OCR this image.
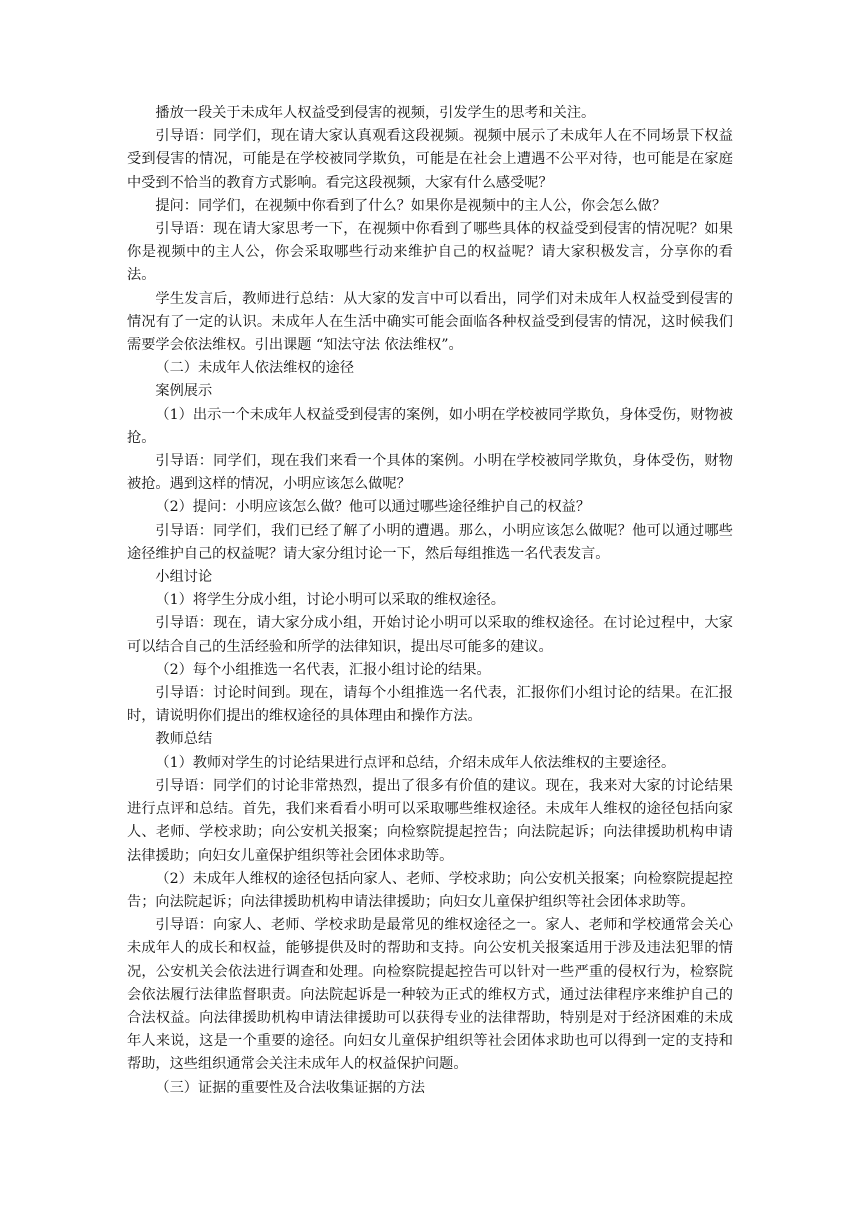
播放一段关于未成年人权益受到侵害的视频，引发学生的思考和关注。

引导语：同学们，现在请大家认真观看这段视频。视频中展示了未成年人在不同场景下权益受到侵害的情况，可能是在学校被同学欺负，可能是在社会上遭遇不公平对待，也可能是在家庭中受到不恰当的教育方式影响。看完这段视频，大家有什么感受呢？

提问：同学们，在视频中你看到了什么？如果你是视频中的主人公，你会怎么做？

引导语：现在请大家思考一下，在视频中你看到了哪些具体的权益受到侵害的情况呢？如果你是视频中的主人公，你会采取哪些行动来维护自己的权益呢？请大家积极发言，分享你的看法。

学生发言后，教师进行总结：从大家的发言中可以看出，同学们对未成年人权益受到侵害的情况有了一定的认识。未成年人在生活中确实可能会面临各种权益受到侵害的情况，这时候我们需要学会依法维权。引出课题 “知法守法 依法维权”。

（二）未成年人依法维权的途径

案例展示

（1）出示一个未成年人权益受到侵害的案例，如小明在学校被同学欺负，身体受伤，财物被抢。

引导语：同学们，现在我们来看一个具体的案例。小明在学校被同学欺负，身体受伤，财物被抢。遇到这样的情况，小明应该怎么做呢？

（2）提问：小明应该怎么做？他可以通过哪些途径维护自己的权益？

引导语：同学们，我们已经了解了小明的遭遇。那么，小明应该怎么做呢？他可以通过哪些途径维护自己的权益呢？请大家分组讨论一下，然后每组推选一名代表发言。

小组讨论

（1）将学生分成小组，讨论小明可以采取的维权途径。

引导语：现在，请大家分成小组，开始讨论小明可以采取的维权途径。在讨论过程中，大家可以结合自己的生活经验和所学的法律知识，提出尽可能多的建议。

（2）每个小组推选一名代表，汇报小组讨论的结果。

引导语：讨论时间到。现在，请每个小组推选一名代表，汇报你们小组讨论的结果。在汇报时，请说明你们提出的维权途径的具体理由和操作方法。

教师总结

（1）教师对学生的讨论结果进行点评和总结，介绍未成年人依法维权的主要途径。

引导语：同学们的讨论非常热烈，提出了很多有价值的建议。现在，我来对大家的讨论结果进行点评和总结。首先，我们来看看小明可以采取哪些维权途径。未成年人维权的途径包括向家人、老师、学校求助；向公安机关报案；向检察院提起控告；向法院起诉；向法律援助机构申请法律援助；向妇女儿童保护组织等社会团体求助等。

（2）未成年人维权的途径包括向家人、老师、学校求助；向公安机关报案；向检察院提起控告；向法院起诉；向法律援助机构申请法律援助；向妇女儿童保护组织等社会团体求助等。

引导语：向家人、老师、学校求助是最常见的维权途径之一。家人、老师和学校通常会关心未成年人的成长和权益，能够提供及时的帮助和支持。向公安机关报案适用于涉及违法犯罪的情况，公安机关会依法进行调查和处理。向检察院提起控告可以针对一些严重的侵权行为，检察院会依法履行法律监督职责。向法院起诉是一种较为正式的维权方式，通过法律程序来维护自己的合法权益。向法律援助机构申请法律援助可以获得专业的法律帮助，特别是对于经济困难的未成年人来说，这是一个重要的途径。向妇女儿童保护组织等社会团体求助也可以得到一定的支持和帮助，这些组织通常会关注未成年人的权益保护问题。

（三）证据的重要性及合法收集证据的方法
